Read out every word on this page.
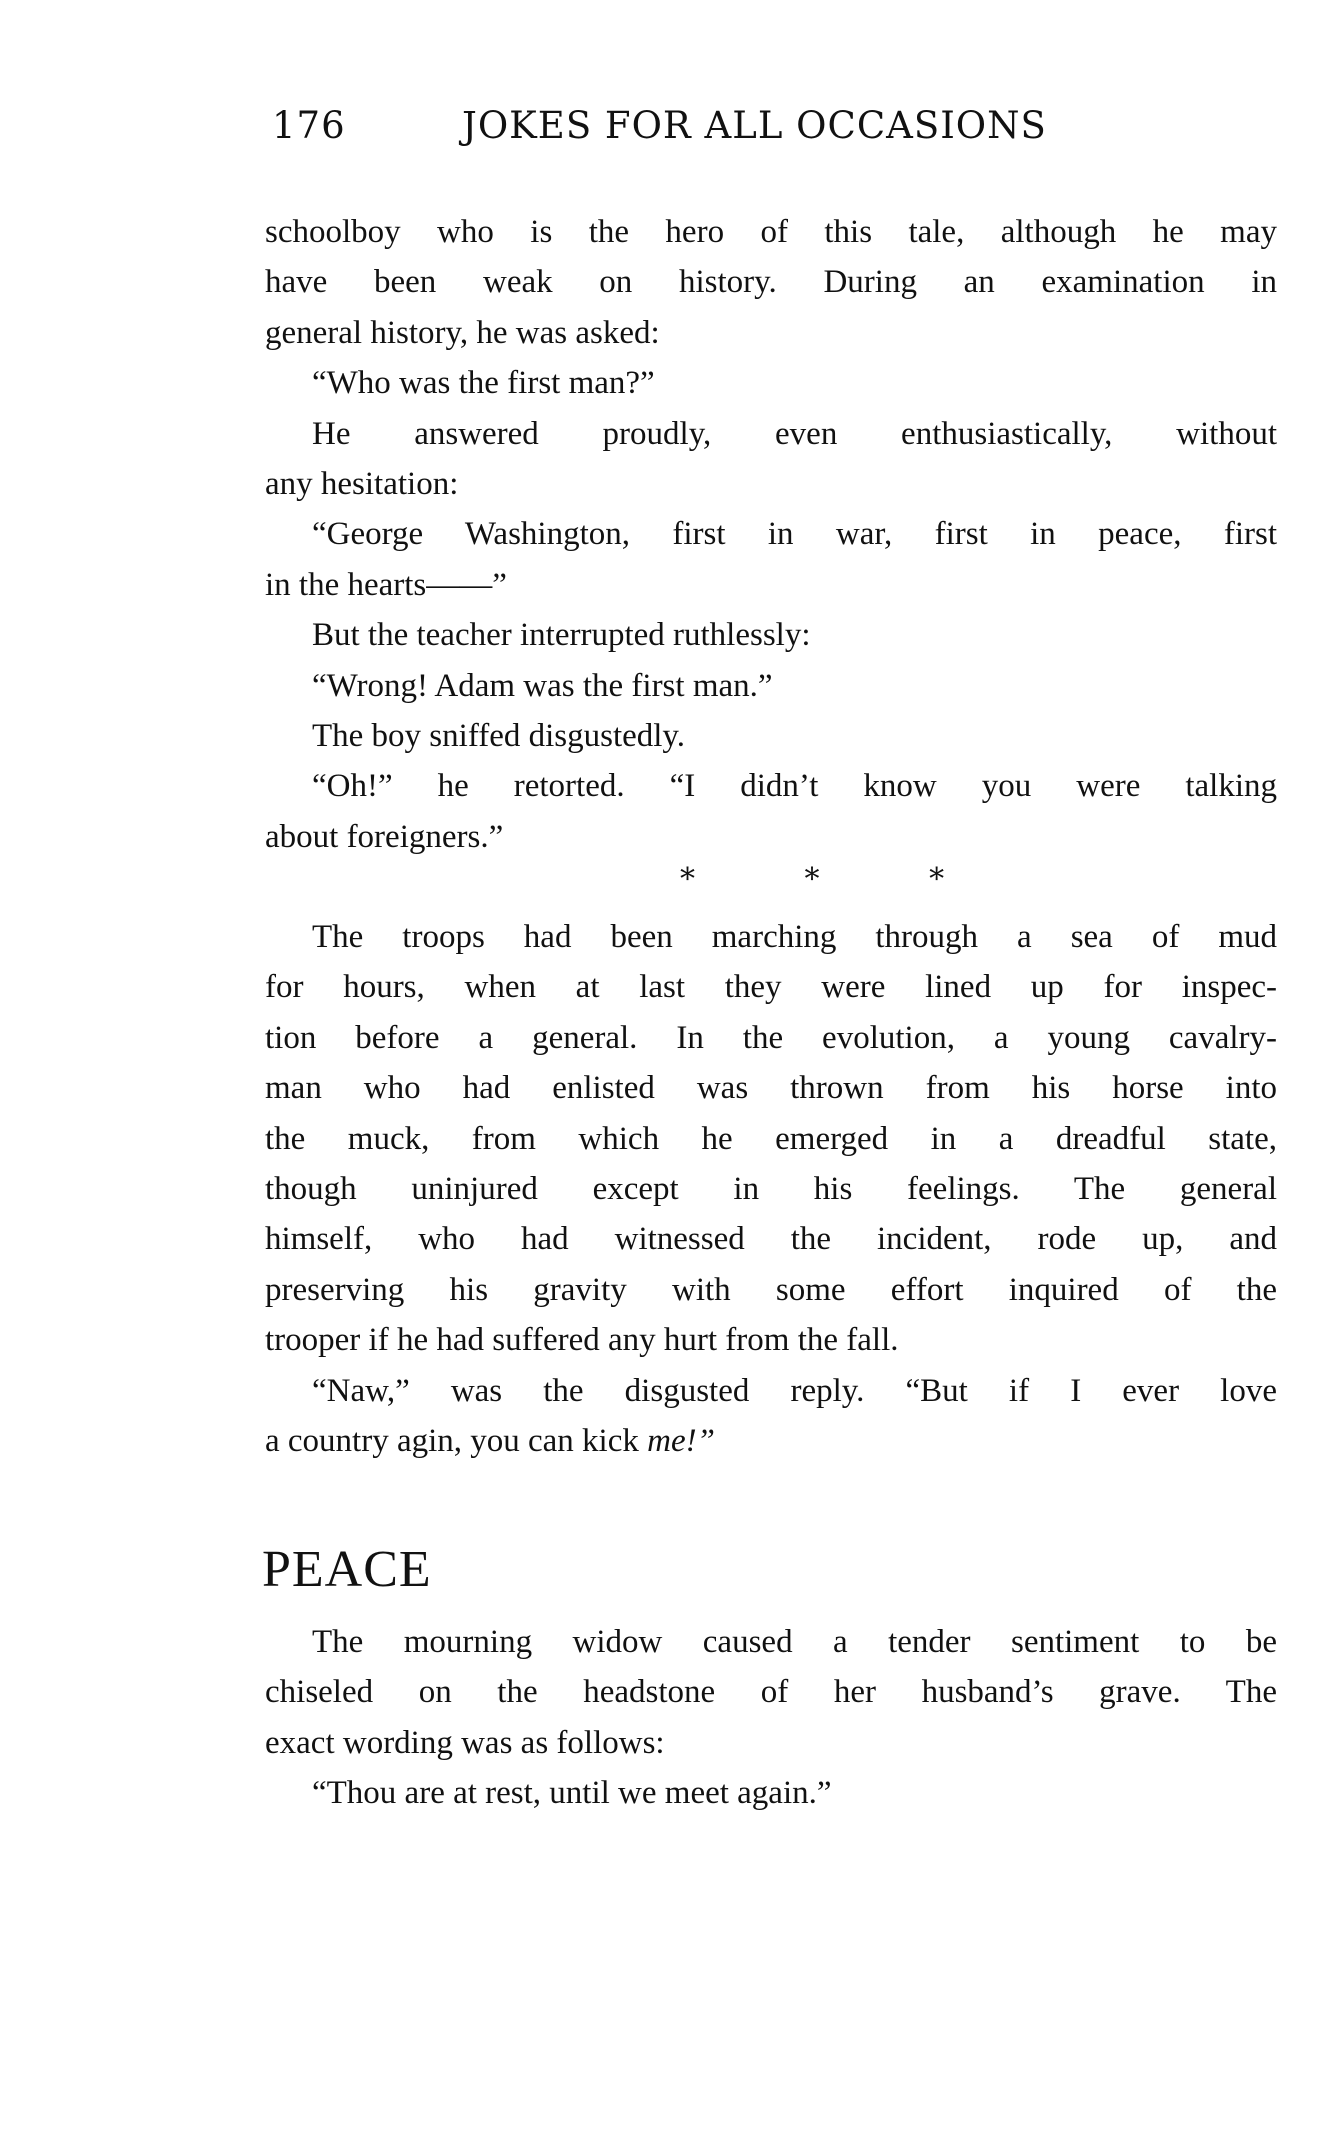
176	JOKES FOR ALL OCCASIONS
schoolboy who is the hero of this tale, although he may
have been weak on history. During an examination in
general history, he was asked:
“Who was the first man?”
He answered proudly, even enthusiastically, without
any hesitation:
“George Washington, first in war, first in peace, first
in the hearts——”
But the teacher interrupted ruthlessly:
“Wrong! Adam was the first man.”
The boy sniffed disgustedly.
“Oh!” he retorted. “I didn’t know you were talking
about foreigners.”
* * *
The troops had been marching through a sea of mud
for hours, when at last they were lined up for inspec-
tion before a general. In the evolution, a young cavalry-
man who had enlisted was thrown from his horse into
the muck, from which he emerged in a dreadful state,
though uninjured except in his feelings. The general
himself, who had witnessed the incident, rode up, and
preserving his gravity with some effort inquired of the
trooper if he had suffered any hurt from the fall.
“Naw,” was the disgusted reply. “But if I ever love
a country agin, you can kick me!”
PEACE
The mourning widow caused a tender sentiment to be
chiseled on the headstone of her husband’s grave. The
exact wording was as follows:
“Thou are at rest, until we meet again.”
